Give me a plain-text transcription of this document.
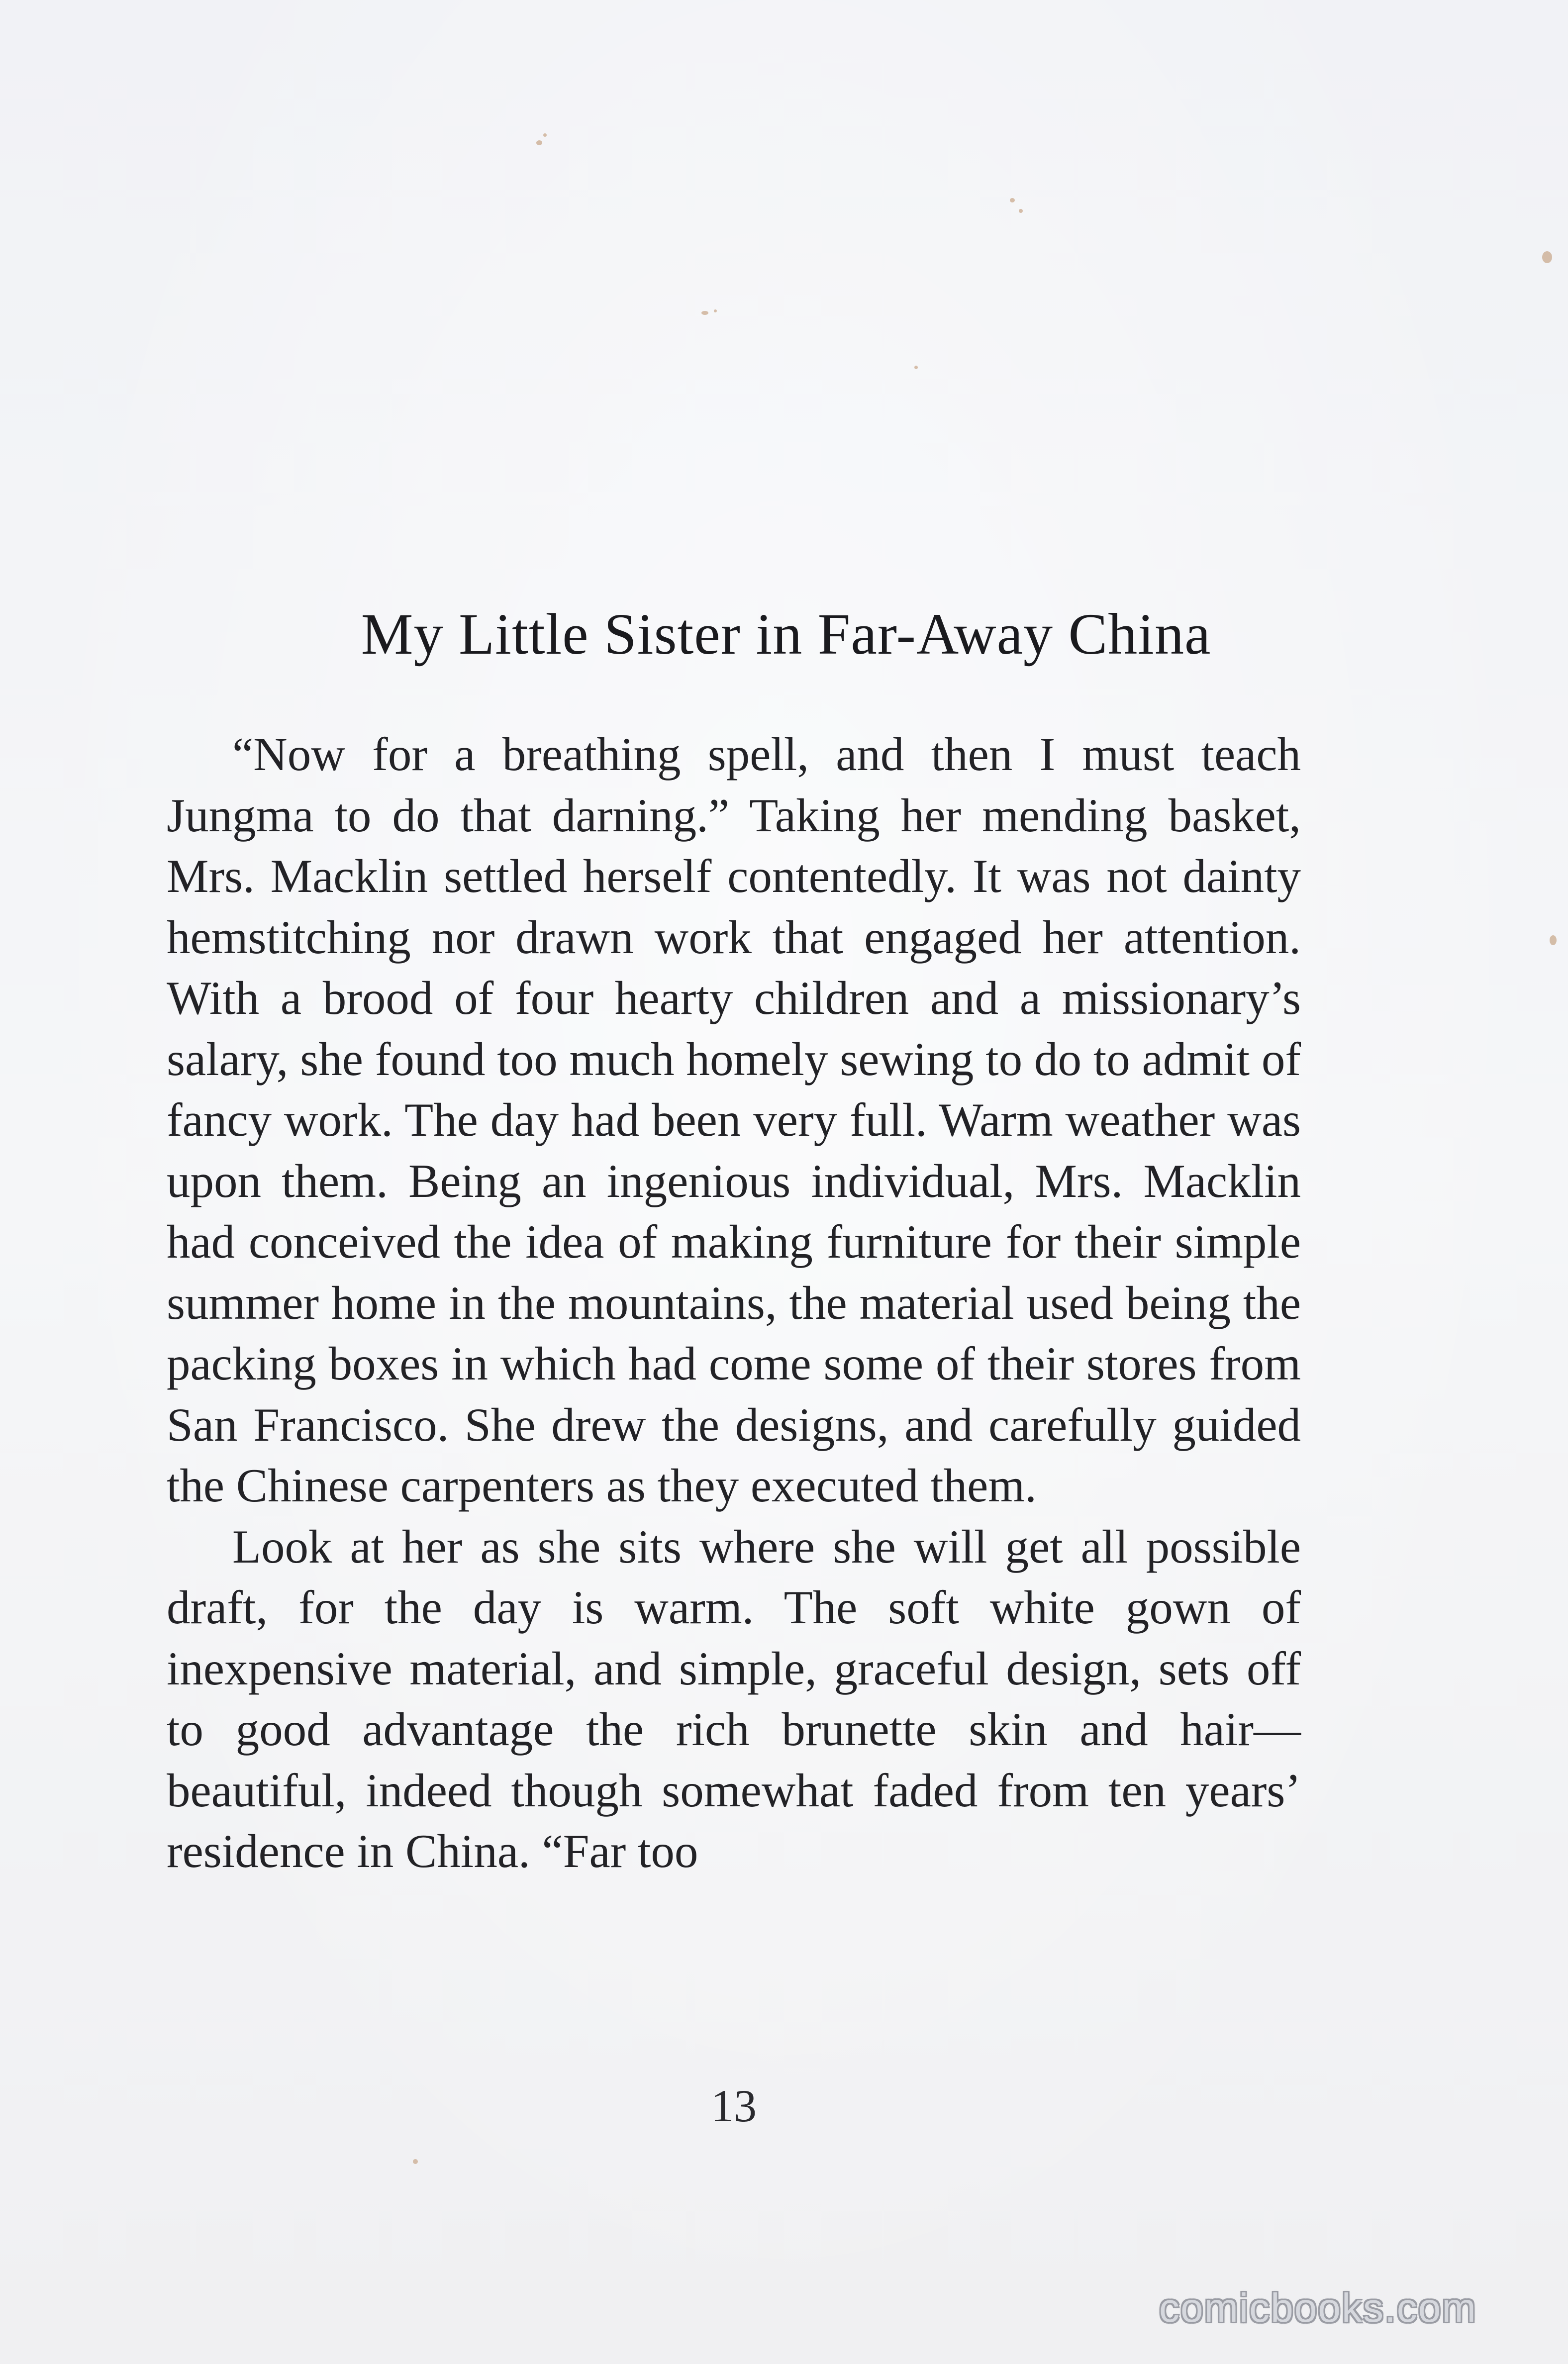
My Little Sister in Far-Away China

“Now for a breathing spell, and then I must teach Jungma to do that darning.” Taking her mending basket, Mrs. Macklin settled herself contentedly. It was not dainty hemstitching nor drawn work that engaged her attention. With a brood of four hearty children and a missionary’s salary, she found too much homely sewing to do to admit of fancy work. The day had been very full. Warm weather was upon them. Being an ingenious individual, Mrs. Macklin had conceived the idea of making furniture for their simple summer home in the mountains, the material used being the packing boxes in which had come some of their stores from San Francisco. She drew the designs, and carefully guided the Chinese carpenters as they executed them.

Look at her as she sits where she will get all possible draft, for the day is warm. The soft white gown of inexpensive material, and simple, graceful design, sets off to good advantage the rich brunette skin and hair—beautiful, indeed though somewhat faded from ten years’ residence in China. “Far too

13
comicbooks.com
